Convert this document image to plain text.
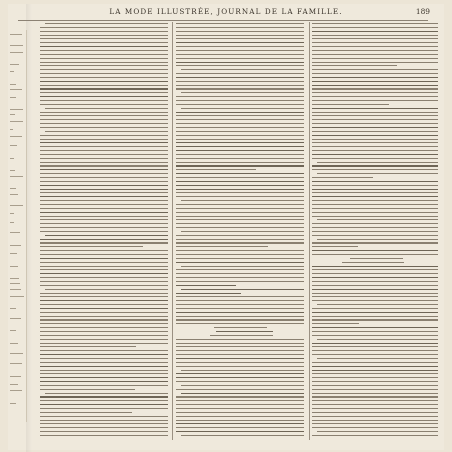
LA MODE ILLUSTRÉE, JOURNAL DE LA FAMILLE.	189
